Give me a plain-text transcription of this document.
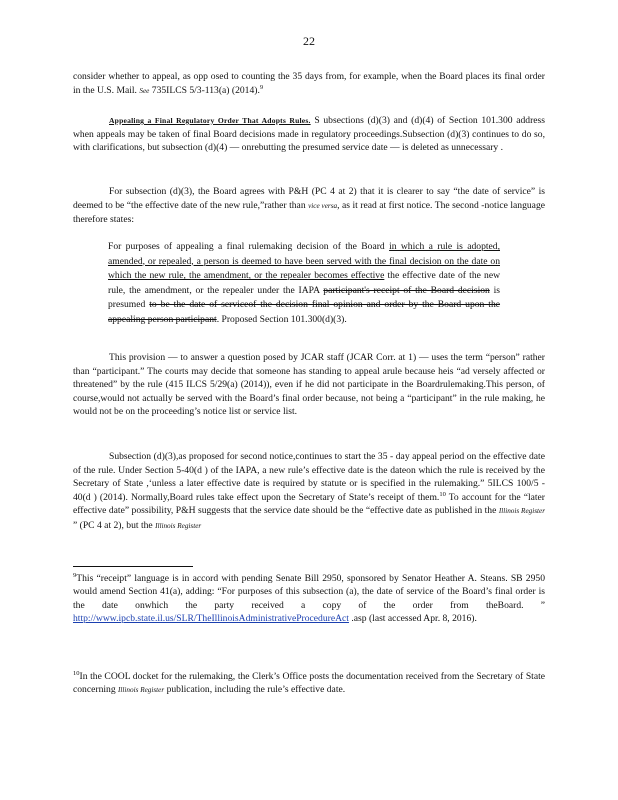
22

consider whether to appeal, as opp osed to counting the 35 days from, for example, when the Board places its final order in the U.S. Mail. See 735ILCS 5/3-113(a) (2014).$^9$

Appealing a Final Regulatory Order That Adopts Rules. S ubsections (d)(3) and (d)(4) of Section 101.300 address when appeals may be taken of final Board decisions made in regulatory proceedings.Subsection (d)(3) continues to do so, with clarifications, but subsection (d)(4) — onrebutting the presumed service date — is deleted as unnecessary .

For subsection (d)(3), the Board agrees with P&H (PC 4 at 2) that it is clearer to say “the date of service” is deemed to be “the effective date of the new rule,”rather than vice versa, as it read at first notice. The second -notice language therefore states:

For purposes of appealing a final rulemaking decision of the Board in which a rule is adopted, amended, or repealed, a person is deemed to have been served with the final decision on the date on which the new rule, the amendment, or the repealer becomes effective the effective date of the new rule, the amendment, or the repealer under the IAPA participant's receipt of the Board decision is presumed to be the date of serviceof the decision final opinion and order by the Board upon the appealing person participant. Proposed Section 101.300(d)(3).

This provision — to answer a question posed by JCAR staff (JCAR Corr. at 1) — uses the term “person” rather than “participant.” The courts may decide that someone has standing to appeal arule because heis “ad versely affected or threatened” by the rule (415 ILCS 5/29(a) (2014)), even if he did not participate in the Boardrulemaking.This person, of course,would not actually be served with the Board’s final order because, not being a “participant” in the rule making, he would not be on the proceeding’s notice list or service list.

Subsection (d)(3),as proposed for second notice,continues to start the 35 - day appeal period on the effective date of the rule. Under Section 5-40(d ) of the IAPA, a new rule’s effective date is the dateon which the rule is received by the Secretary of State ,‘unless a later effective date is required by statute or is specified in the rulemaking.” 5ILCS 100/5 - 40(d ) (2014). Normally,Board rules take effect upon the Secretary of State’s receipt of them.$^{10}$ To account for the “later effective date” possibility, P&H suggests that the service date should be the “effective date as published in the Illinois Register ” (PC 4 at 2), but the Illinois Register

$^9$This “receipt” language is in accord with pending Senate Bill 2950, sponsored by Senator Heather A. Steans. SB 2950 would amend Section 41(a), adding: “For purposes of this subsection (a), the date of service of the Board’s final order is the date onwhich the party received a copy of the order from theBoard. ” http://www.ipcb.state.il.us/SLR/TheIllinoisAdministrativeProcedureAct .asp (last accessed Apr. 8, 2016).

$^{10}$In the COOL docket for the rulemaking, the Clerk’s Office posts the documentation received from the Secretary of State concerning Illinois Register publication, including the rule’s effective date.
